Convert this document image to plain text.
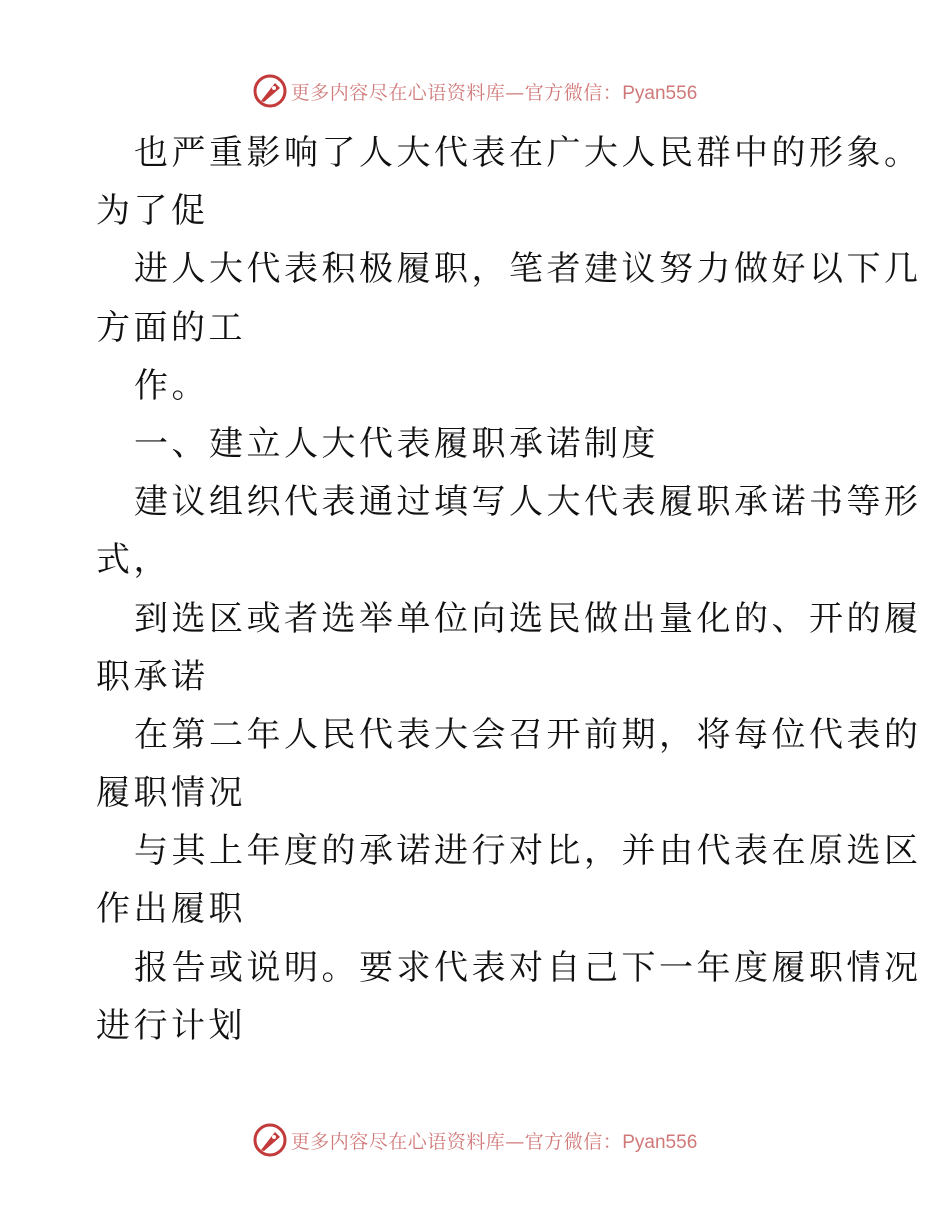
更多内容尽在心语资料库—官方微信：Pyan556
也严重影响了人大代表在广大人民群中的形象。
为了促
进人大代表积极履职，笔者建议努力做好以下几
方面的工
作。
一、建立人大代表履职承诺制度
建议组织代表通过填写人大代表履职承诺书等形
式，
到选区或者选举单位向选民做出量化的、开的履
职承诺
在第二年人民代表大会召开前期，将每位代表的
履职情况
与其上年度的承诺进行对比，并由代表在原选区
作出履职
报告或说明。要求代表对自己下一年度履职情况
进行计划
更多内容尽在心语资料库—官方微信：Pyan556
